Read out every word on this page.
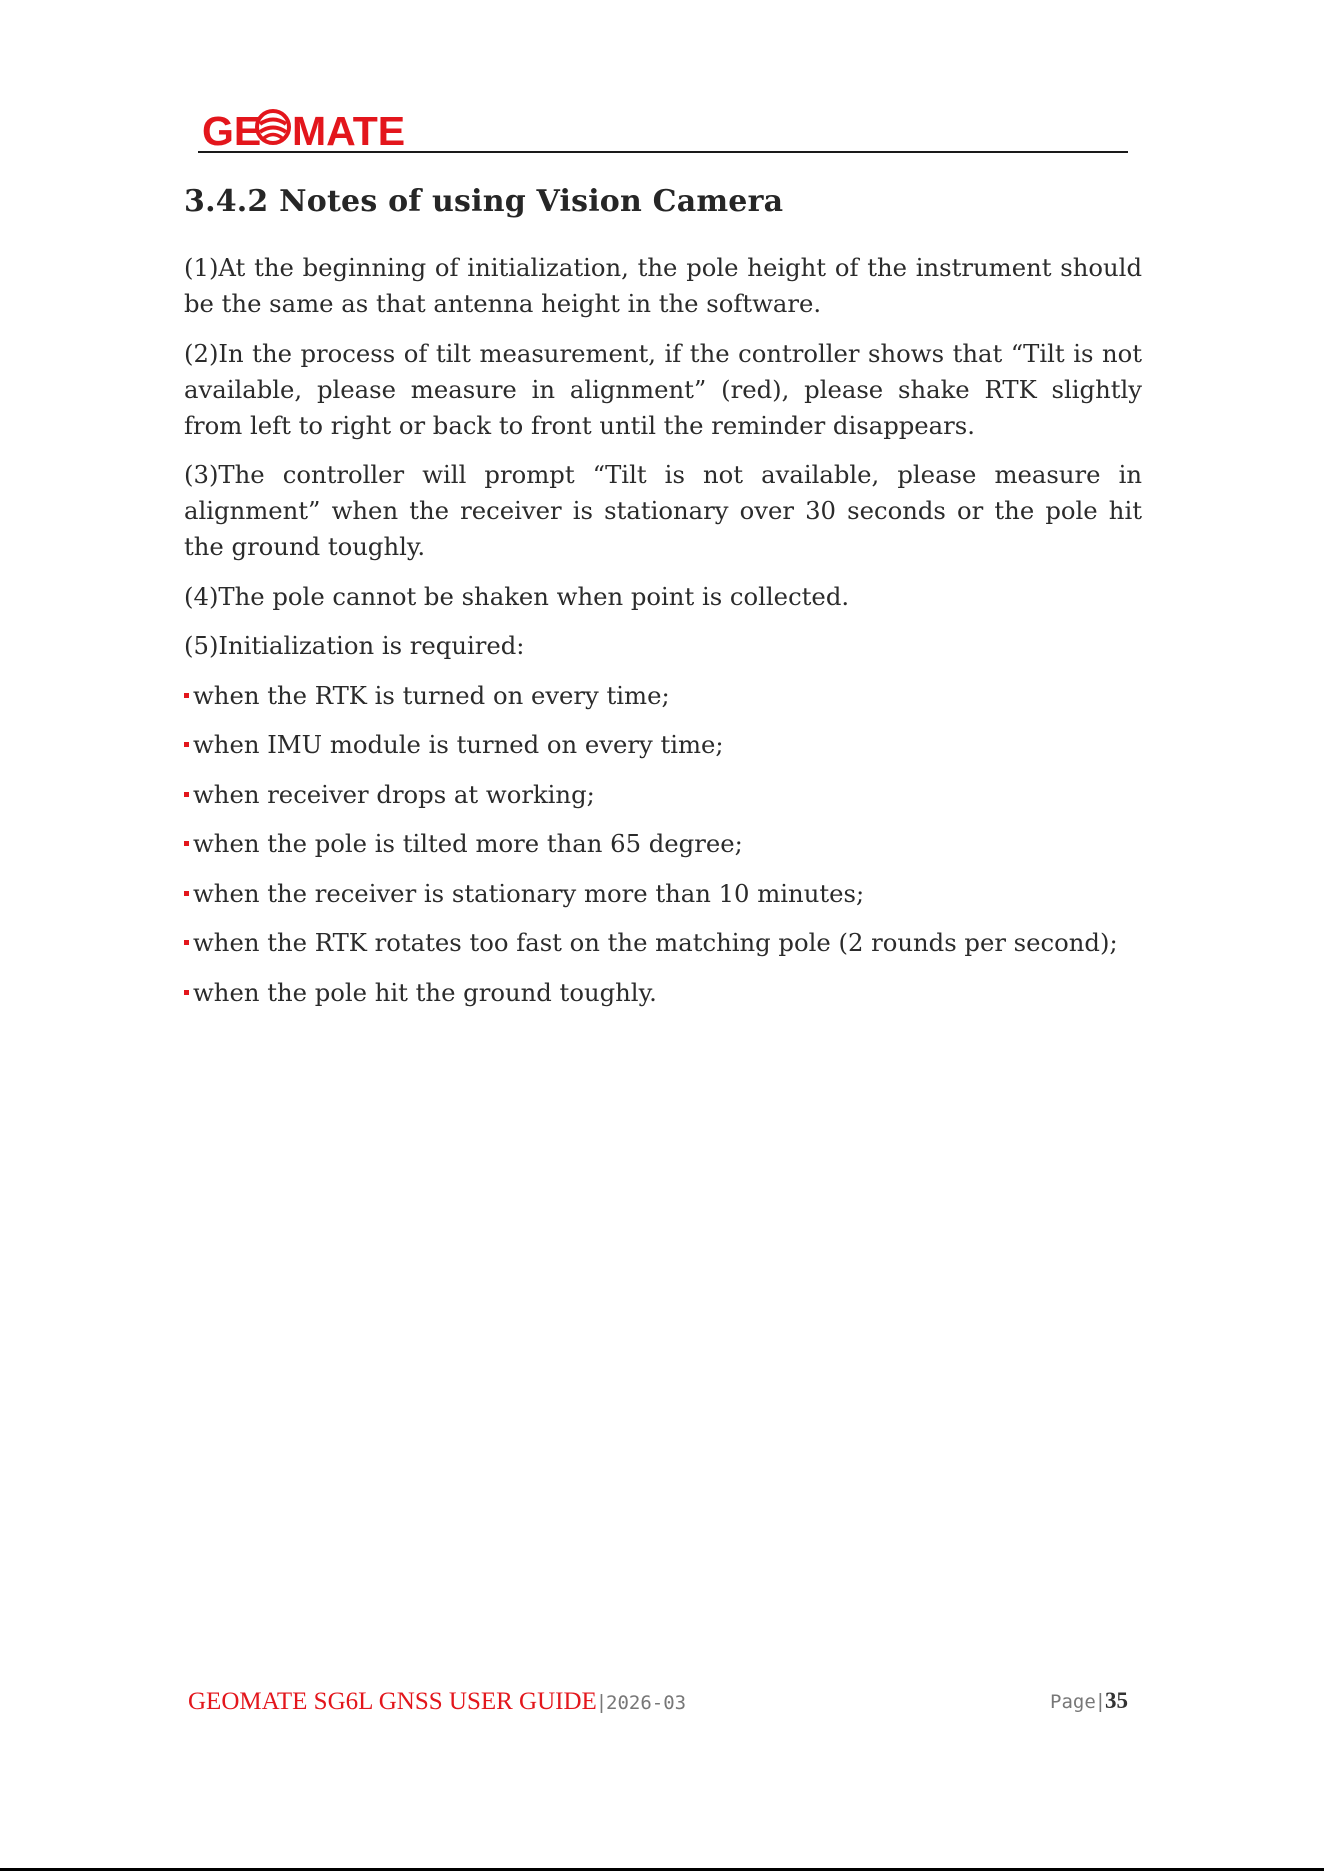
GE MATE
3.4.2 Notes of using Vision Camera

(1)At the beginning of initialization, the pole height of the instrument should be the same as that antenna height in the software.

(2)In the process of tilt measurement, if the controller shows that “Tilt is not available, please measure in alignment” (red), please shake RTK slightly from left to right or back to front until the reminder disappears.

(3)The controller will prompt “Tilt is not available, please measure in alignment” when the receiver is stationary over 30 seconds or the pole hit the ground toughly.

(4)The pole cannot be shaken when point is collected.

(5)Initialization is required:

when the RTK is turned on every time;
when IMU module is turned on every time;
when receiver drops at working;
when the pole is tilted more than 65 degree;
when the receiver is stationary more than 10 minutes;
when the RTK rotates too fast on the matching pole (2 rounds per second);
when the pole hit the ground toughly.
GEOMATE SG6L GNSS USER GUIDE | 2026-03	Page |35
